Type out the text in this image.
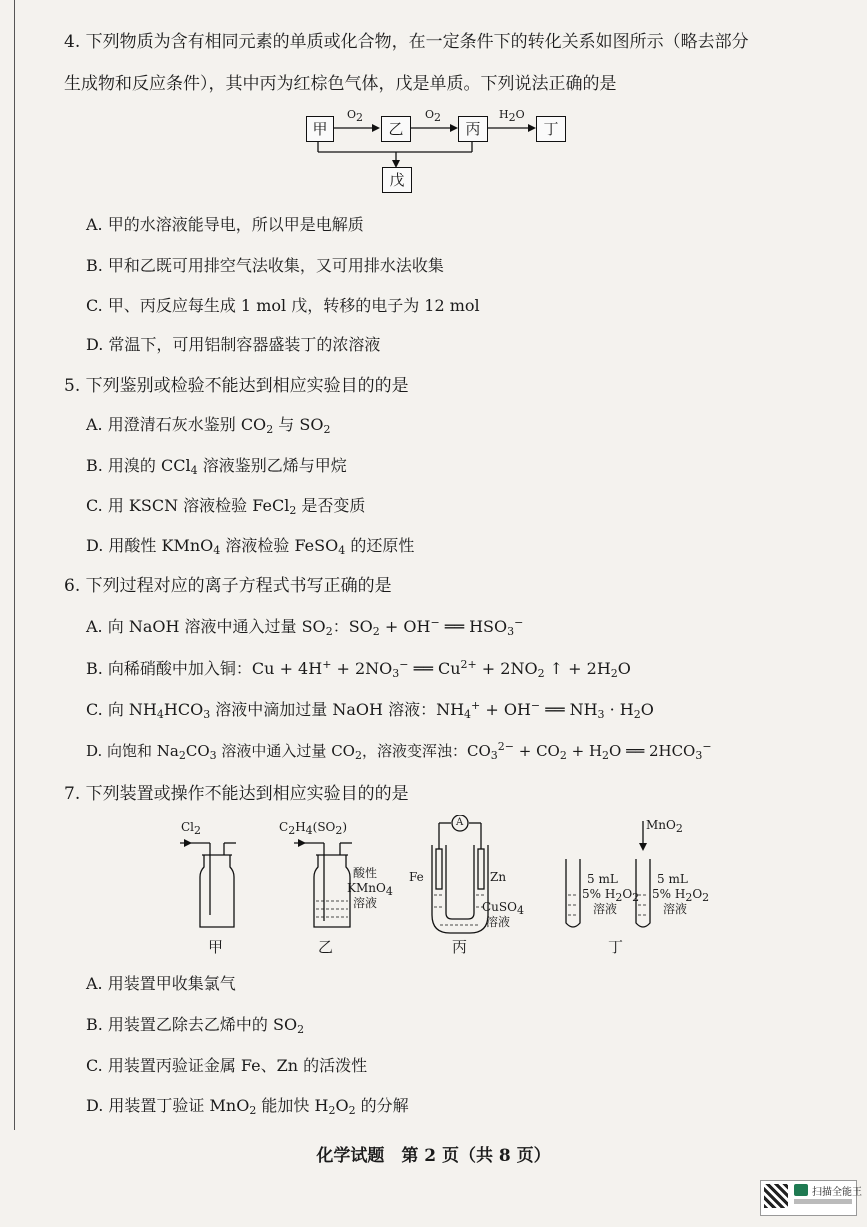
4. 下列物质为含有相同元素的单质或化合物，在一定条件下的转化关系如图所示（略去部分
生成物和反应条件），其中丙为红棕色气体，戊是单质。下列说法正确的是
甲	乙	丙	丁
戊
$O_2$	$O_2$	$H_2O$
A. 甲的水溶液能导电，所以甲是电解质
B. 甲和乙既可用排空气法收集，又可用排水法收集
C. 甲、丙反应每生成 1 mol 戊，转移的电子为 12 mol
D. 常温下，可用铝制容器盛装丁的浓溶液
5. 下列鉴别或检验不能达到相应实验目的的是
A. 用澄清石灰水鉴别 $CO_2$ 与 $SO_2$
B. 用溴的 CCl$_4$ 溶液鉴别乙烯与甲烷
C. 用 KSCN 溶液检验 FeCl$_2$ 是否变质
D. 用酸性 KMnO$_4$ 溶液检验 FeSO$_4$ 的还原性
6. 下列过程对应的离子方程式书写正确的是
A. 向 NaOH 溶液中通入过量 $SO_2$：$SO_2 + OH^-$ ══ $HSO_3^-$
B. 向稀硝酸中加入铜：$Cu + 4H^+ + 2NO_3^-$ ══ $Cu^{2+} + 2NO_2$ ↑ + $2H_2O$
C. 向 $NH_4HCO_3$ 溶液中滴加过量 NaOH 溶液：$NH_4^+ + OH^-$ ══ $NH_3 \cdot H_2O$
D. 向饱和 $Na_2CO_3$ 溶液中通入过量 $CO_2$，溶液变浑浊：$CO_3^{2-} + CO_2 + H_2O$ ══ $2HCO_3^-$
7. 下列装置或操作不能达到相应实验目的的是
$Cl_2$	$C_2H_4(SO_2)$
酸性
KMnO$_4$
溶液
A
Fe	Zn
CuSO$_4$
溶液
MnO$_2$
5 mL
5% $H_2O_2$
溶液
5 mL
5% $H_2O_2$
溶液
甲	乙	丙	丁
A. 用装置甲收集氯气
B. 用装置乙除去乙烯中的 $SO_2$
C. 用装置丙验证金属 Fe、Zn 的活泼性
D. 用装置丁验证 MnO$_2$ 能加快 $H_2O_2$ 的分解
化学试题　第 2 页（共 8 页）
扫描全能王
